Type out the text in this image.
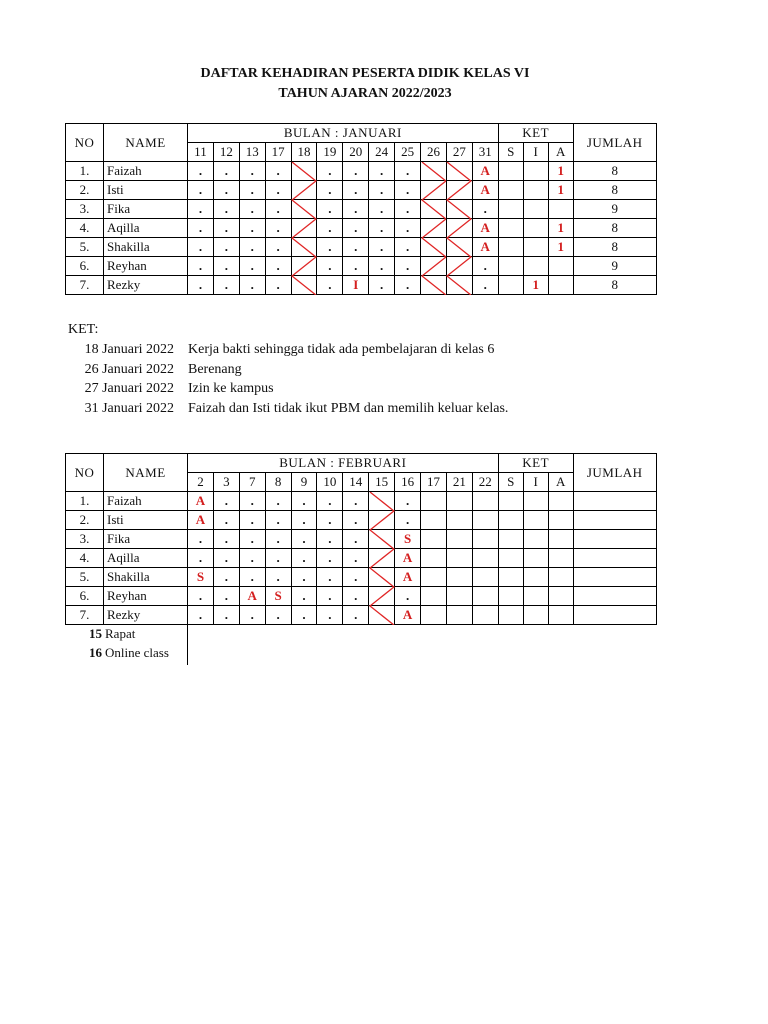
DAFTAR KEHADIRAN PESERTA DIDIK KELAS VI
TAHUN AJARAN 2022/2023
NO	NAME	BULAN : JANUARI												KET			JUMLAH
		11	12	13	17	18	19	20	24	25	26	27	31	S	I	A	
1.	Faizah	.	.	.	.		.	.	.	.			A			1	8
2.	Isti	.	.	.	.		.	.	.	.			A			1	8
3.	Fika	.	.	.	.		.	.	.	.			.				9
4.	Aqilla	.	.	.	.		.	.	.	.			A			1	8
5.	Shakilla	.	.	.	.		.	.	.	.			A			1	8
6.	Reyhan	.	.	.	.		.	.	.	.			.				9
7.	Rezky	.	.	.	.		.	I	.	.			.		1		8
KET:
18 Januari 2022 Kerja bakti sehingga tidak ada pembelajaran di kelas 6
26 Januari 2022 Berenang
27 Januari 2022 Izin ke kampus
31 Januari 2022 Faizah dan Isti tidak ikut PBM dan memilih keluar kelas.
NO	NAME	BULAN : FEBRUARI												KET			JUMLAH
		2	3	7	8	9	10	14	15	16	17	21	22	S	I	A	
1.	Faizah	A	.	.	.	.	.	.		.							
2.	Isti	A	.	.	.	.	.	.		.							
3.	Fika	.	.	.	.	.	.	.		S							
4.	Aqilla	.	.	.	.	.	.	.		A							
5.	Shakilla	S	.	.	.	.	.	.		A							
6.	Reyhan	.	.	A	S	.	.	.		.							
7.	Rezky	.	.	.	.	.	.	.		A							
15 Rapat
16 Online class
